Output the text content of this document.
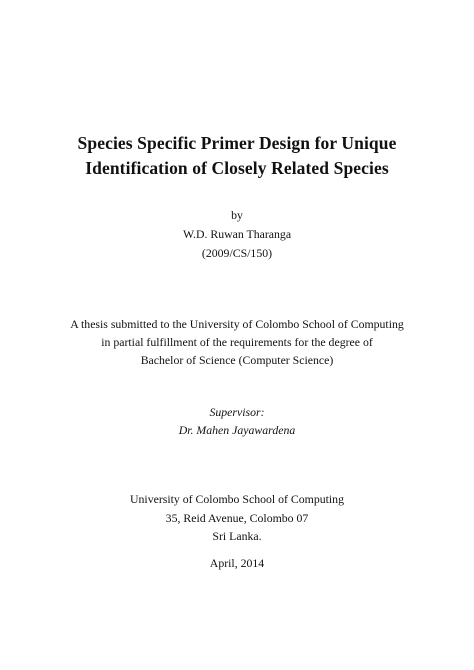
Species Specific Primer Design for Unique
Identification of Closely Related Species
by
W.D. Ruwan Tharanga
(2009/CS/150)
A thesis submitted to the University of Colombo School of Computing
in partial fulfillment of the requirements for the degree of
Bachelor of Science (Computer Science)
Supervisor:
Dr. Mahen Jayawardena
University of Colombo School of Computing
35, Reid Avenue, Colombo 07
Sri Lanka.
April, 2014
